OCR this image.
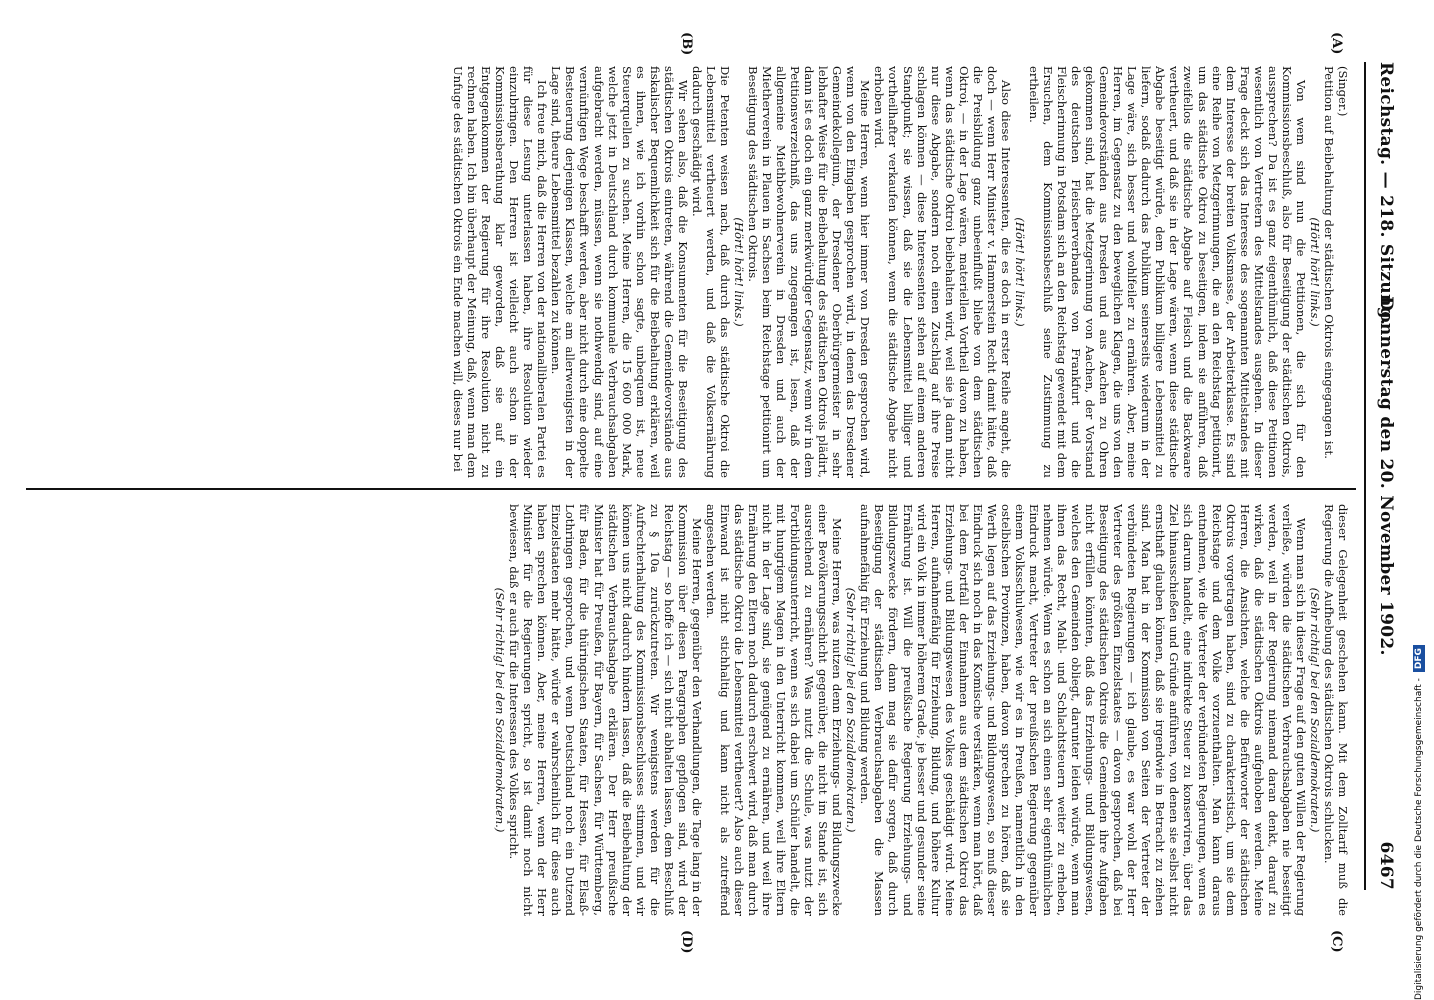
Reichstag. — 218. Sitzung.
Donnerstag den 20. November 1902.
6467
(A)
(B)
(C)
(D)

(Singer.)

Petition auf Beibehaltung der städtischen Oktrois eingegangen ist.

(Hört! hört! links.)

Von wem sind nun die Petitionen, die sich für den Kommissionsbeschluß, also für Beseitigung der städtischen Oktrois, aussprechen? Da ist es ganz eigenthümlich, daß diese Petitionen wesentlich von Vertretern des Mittelstandes ausgehen. In dieser Frage deckt sich das Interesse des sogenannten Mittelstandes mit dem Interesse der breiten Volksmasse, der Arbeiterklasse. Es sind eine Reihe von Metzgerinnungen, die an den Reichstag petitionirt, um das städtische Oktroi zu beseitigen, indem sie anführen, daß zweifellos die städtische Abgabe auf Fleisch und die Backwaare vertheuert, und daß sie in der Lage wären, wenn diese städtische Abgabe beseitigt würde, dem Publikum billigere Lebensmittel zu liefern, sodaß dadurch das Publikum seinerseits wiederum in der Lage wäre, sich besser und wohlfeiler zu ernähren. Aber, meine Herren, im Gegensatz zu den beweglichen Klagen, die uns von den Gemeindevorständen aus Dresden und aus Aachen zu Ohren gekommen sind, hat die Metzgerinnung von Aachen, der Vorstand des deutschen Fleischerverbandes von Frankfurt und die Fleischerinnung in Potsdam sich an den Reichstag gewendet mit dem Ersuchen, dem Kommissionsbeschluß seine Zustimmung zu ertheilen.

(Hört! hört! links.)

Also diese Interessenten, die es doch in erster Reihe angeht, die doch — wenn Herr Minister v. Hammerstein Recht damit hätte, daß die Preisbildung ganz unbeeinflußt bliebe von dem städtischen Oktroi, — in der Lage wären, materiellen Vortheil davon zu haben, wenn das städtische Oktroi beibehalten wird, weil sie ja dann nicht nur diese Abgabe, sondern noch einen Zuschlag auf ihre Preise schlagen können — diese Interessenten stehen auf einem anderen Standpunkt; sie wissen, daß sie die Lebensmittel billiger und vortheilhafter verkaufen können, wenn die städtische Abgabe nicht erhoben wird.

Meine Herren, wenn hier immer von Dresden gesprochen wird, wenn von den Eingaben gesprochen wird, in denen das Dresdener Gemeindekollegium, der Dresdener Oberbürgermeister in sehr lebhafter Weise für die Beibehaltung des städtischen Oktrois plädirt, dann ist es doch ein ganz merkwürdiger Gegensatz, wenn wir in dem Petitionsverzeichniß, das uns zugegangen ist, lesen, daß der allgemeine Miethbewohnerverein in Dresden und auch der Mietherverein in Plauen in Sachsen beim Reichstage petitionirt um Beseitigung des städtischen Oktrois.

(Hört! hört! links.)

Die Petenten weisen nach, daß durch das städtische Oktroi die Lebensmittel vertheuert werden, und daß die Volksernährung dadurch geschädigt wird.

Wir sehen also, daß die Konsumenten für die Beseitigung des städtischen Oktrois eintreten, während die Gemeindevorstände aus fiskalischer Bequemlichkeit sich für die Beibehaltung erklären, weil es ihnen, wie ich vorhin schon sagte, unbequem ist, neue Steuerquellen zu suchen. Meine Herren, die 15 600 000 Mark, welche jetzt in Deutschland durch kommunale Verbrauchsabgaben aufgebracht werden, müssen, wenn sie nothwendig sind, auf eine vernünftigen Wege beschafft werden, aber nicht durch eine doppelte Besteuerung derjenigen Klassen, welche am allerwenigsten in der Lage sind, theure Lebensmittel bezahlen zu können.

Ich freue mich, daß die Herren von der nationalliberalen Partei es für diese Lesung unterlassen haben, ihre Resolution wieder einzubringen. Den Herren ist vielleicht auch schon in der Kommissionsberathung klar geworden, daß sie auf ein Entgegenkommen der Regierung für ihre Resolution nicht zu rechnen haben. Ich bin überhaupt der Meinung, daß, wenn man dem Unfuge des städtischen Oktrois ein Ende machen will, dieses nur bei

dieser Gelegenheit geschehen kann. Mit dem Zolltarif muß die Regierung die Aufhebung des städtischen Oktrois schlucken.

(Sehr richtig! bei den Sozialdemokraten.)

Wenn man sich in dieser Frage auf den guten Willen der Regierung verließe, würden die städtischen Verbrauchsabgaben nie beseitigt werden, weil in der Regierung niemand daran denkt, darauf zu wirken, daß die städtischen Oktrois aufgehoben werden. Meine Herren, die Ansichten, welche die Befürworter der städtischen Oktrois vorgetragen haben, sind zu charakteristisch, um sie dem Reichstage und dem Volke vorzuenthalten. Man kann daraus entnehmen, wie die Vertreter der verbündeten Regierungen, wenn es sich darum handelt, eine indirekte Steuer zu konserviren, über das Ziel hinausschießen und Gründe anführen, von denen sie selbst nicht ernsthaft glauben können, daß sie irgendwie in Betracht zu ziehen sind. Man hat in der Kommission von Seiten der Vertreter der verbündeten Regierungen — ich glaube, es war wohl der Herr Vertreter des größten Einzelstaates — davon gesprochen, daß bei Beseitigung des städtischen Oktrois die Gemeinden ihre Aufgaben nicht erfüllen könnten, daß das Erziehungs- und Bildungswesen, welches den Gemeinden obliegt, darunter leiden würde, wenn man ihnen das Recht, Mahl- und Schlachtsteuern weiter zu erheben, nehmen würde. Wenn es schon an sich einen sehr eigenthümlichen Eindruck macht, Vertreter der preußischen Regierung gegenüber einem Volksschulwesen, wie wir es in Preußen, namentlich in den ostelbischen Provinzen, haben, davon sprechen zu hören, daß sie Werth legen auf das Erziehungs- und Bildungswesen, so muß dieser Eindruck sich noch in das Komische verstärken, wenn man hört, daß bei dem Fortfall der Einnahmen aus dem städtischen Oktroi das Erziehungs- und Bildungswesen des Volkes geschädigt wird. Meine Herren, aufnahmefähig für Erziehung, Bildung, und höhere Kultur wird ein Volk in immer höherem Grade, je besser und gesunder seine Ernährung ist. Will die preußische Regierung Erziehungs- und Bildungszwecke fördern, dann mag sie dafür sorgen, daß durch Beseitigung der städtischen Verbrauchsabgaben die Massen aufnahmefähig für Erziehung und Bildung werden.

(Sehr richtig! bei den Sozialdemokraten.)

Meine Herren, was nutzen denn Erziehungs- und Bildungszwecke einer Bevölkerungsschicht gegenüber, die nicht im Stande ist, sich ausreichend zu ernähren? Was nutzt die Schule, was nutzt der Fortbildungsunterricht, wenn es sich dabei um Schüler handelt, die mit hungrigem Magen in den Unterricht kommen, weil ihre Eltern nicht in der Lage sind, sie genügend zu ernähren, und weil ihre Ernährung den Eltern noch dadurch erschwert wird, daß man durch das städtische Oktroi die Lebensmittel vertheuert? Also auch dieser Einwand ist nicht stichhaltig und kann nicht als zutreffend angesehen werden.

Meine Herren, gegenüber den Verhandlungen, die Tage lang in der Kommission über diesen Paragraphen gepflogen sind, wird der Reichstag — so hoffe ich — sich nicht abhalten lassen, dem Beschluß zu § 10a zurückzutreten. Wir wenigstens werden für die Aufrechterhaltung des Kommissionsbeschlusses stimmen, und wir können uns nicht dadurch hindern lassen, daß die Beibehaltung der städtischen Verbrauchsabgabe erklären. Der Herr preußische Minister hat für Preußen, für Bayern, für Sachsen, für Württemberg, für Baden, für die thüringischen Staaten, für Hessen, für Elsaß-Lothringen gesprochen, und wenn Deutschland noch ein Dutzend Einzelstaaten mehr hätte, würde er wahrscheinlich für diese auch haben sprechen können. Aber, meine Herren, wenn der Herr Minister für die Regierungen spricht, so ist damit noch nicht bewiesen, daß er auch für die Interessen des Volkes spricht.

(Sehr richtig! bei den Sozialdemokraten.)	Digitalisierung gefördert durch die Deutsche Forschungsgemeinschaft -
DFG
